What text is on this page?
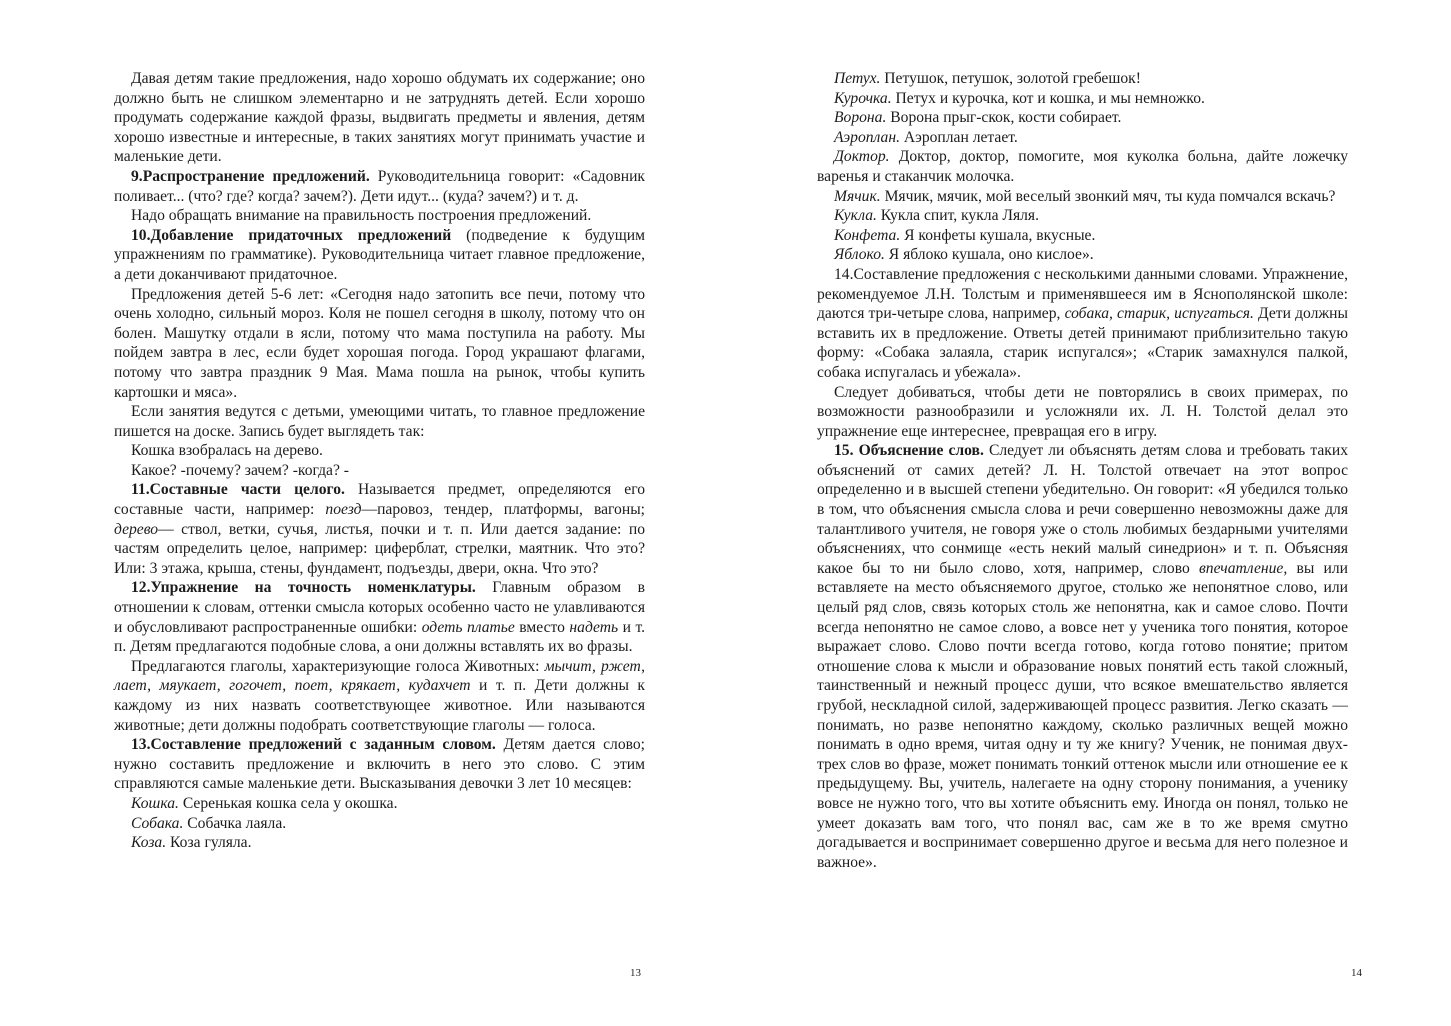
Давая детям такие предложения, надо хорошо обдумать их содержание; оно должно быть не слишком элементарно и не затруднять детей. Если хорошо продумать содержание каждой фразы, выдвигать предметы и явления, детям хорошо известные и интересные, в таких занятиях могут принимать участие и маленькие дети.

9.Распространение предложений. Руководительница говорит: «Садовник поливает... (что? где? когда? зачем?). Дети идут... (куда? зачем?) и т. д.

Надо обращать внимание на правильность построения предложений.

10.Добавление придаточных предложений (подведение к будущим упражнениям по грамматике). Руководительница читает главное предложение, а дети доканчивают придаточное.

Предложения детей 5-6 лет: «Сегодня надо затопить все печи, потому что очень холодно, сильный мороз. Коля не пошел сегодня в школу, потому что он болен. Машутку отдали в ясли, потому что мама поступила на работу. Мы пойдем завтра в лес, если будет хорошая погода. Город украшают флагами, потому что завтра праздник 9 Мая. Мама пошла на рынок, чтобы купить картошки и мяса».

Если занятия ведутся с детьми, умеющими читать, то главное предложение пишется на доске. Запись будет выглядеть так:

Кошка взобралась на дерево.

Какое? -почему? зачем? -когда? -

11.Составные части целого. Называется предмет, определяются его составные части, например: поезд—паровоз, тендер, платформы, вагоны; дерево— ствол, ветки, сучья, листья, почки и т. п. Или дается задание: по частям определить целое, например: циферблат, стрелки, маятник. Что это? Или: 3 этажа, крыша, стены, фундамент, подъезды, двери, окна. Что это?

12.Упражнение на точность номенклатуры. Главным образом в отношении к словам, оттенки смысла которых особенно часто не улавливаются и обусловливают распространенные ошибки: одеть платье вместо надеть и т. п. Детям предлагаются подобные слова, а они должны вставлять их во фразы.

Предлагаются глаголы, характеризующие голоса Животных: мычит, ржет, лает, мяукает, гогочет, поет, крякает, кудахчет и т. п. Дети должны к каждому из них назвать соответствующее животное. Или называются животные; дети должны подобрать соответствующие глаголы — голоса.

13.Составление предложений с заданным словом. Детям дается слово; нужно составить предложение и включить в него это слово. С этим справляются самые маленькие дети. Высказывания девочки 3 лет 10 месяцев:

Кошка. Серенькая кошка села у окошка.

Собака. Собачка лаяла.

Коза. Коза гуляла.

13

Петух. Петушок, петушок, золотой гребешок!

Курочка. Петух и курочка, кот и кошка, и мы немножко.

Ворона. Ворона прыг-скок, кости собирает.

Аэроплан. Аэроплан летает.

Доктор. Доктор, доктор, помогите, моя куколка больна, дайте ложечку варенья и стаканчик молочка.

Мячик. Мячик, мячик, мой веселый звонкий мяч, ты куда помчался вскачь?

Кукла. Кукла спит, кукла Ляля.

Конфета. Я конфеты кушала, вкусные.

Яблоко. Я яблоко кушала, оно кислое».

14.Составление предложения с несколькими данными словами. Упражнение, рекомендуемое Л.Н. Толстым и применявшееся им в Яснополянской школе: даются три-четыре слова, например, собака, старик, испугаться. Дети должны вставить их в предложение. Ответы детей принимают приблизительно такую форму: «Собака залаяла, старик испугался»; «Старик замахнулся палкой, собака испугалась и убежала».

Следует добиваться, чтобы дети не повторялись в своих примерах, по возможности разнообразили и усложняли их. Л. Н. Толстой делал это упражнение еще интереснее, превращая его в игру.

15. Объяснение слов. Следует ли объяснять детям слова и требовать таких объяснений от самих детей? Л. Н. Толстой отвечает на этот вопрос определенно и в высшей степени убедительно. Он говорит: «Я убедился только в том, что объяснения смысла слова и речи совершенно невозможны даже для талантливого учителя, не говоря уже о столь любимых бездарными учителями объяснениях, что сонмище «есть некий малый синедрион» и т. п. Объясняя какое бы то ни было слово, хотя, например, слово впечатление, вы или вставляете на место объясняемого другое, столько же непонятное слово, или целый ряд слов, связь которых столь же непонятна, как и самое слово. Почти всегда непонятно не самое слово, а вовсе нет у ученика того понятия, которое выражает слово. Слово почти всегда готово, когда готово понятие; притом отношение слова к мысли и образование новых понятий есть такой сложный, таинственный и нежный процесс души, что всякое вмешательство является грубой, нескладной силой, задерживающей процесс развития. Легко сказать — понимать, но разве непонятно каждому, сколько различных вещей можно понимать в одно время, читая одну и ту же книгу? Ученик, не понимая двух-трех слов во фразе, может понимать тонкий оттенок мысли или отношение ее к предыдущему. Вы, учитель, налегаете на одну сторону понимания, а ученику вовсе не нужно того, что вы хотите объяснить ему. Иногда он понял, только не умеет доказать вам того, что понял вас, сам же в то же время смутно догадывается и воспринимает совершенно другое и весьма для него полезное и важное».

14
